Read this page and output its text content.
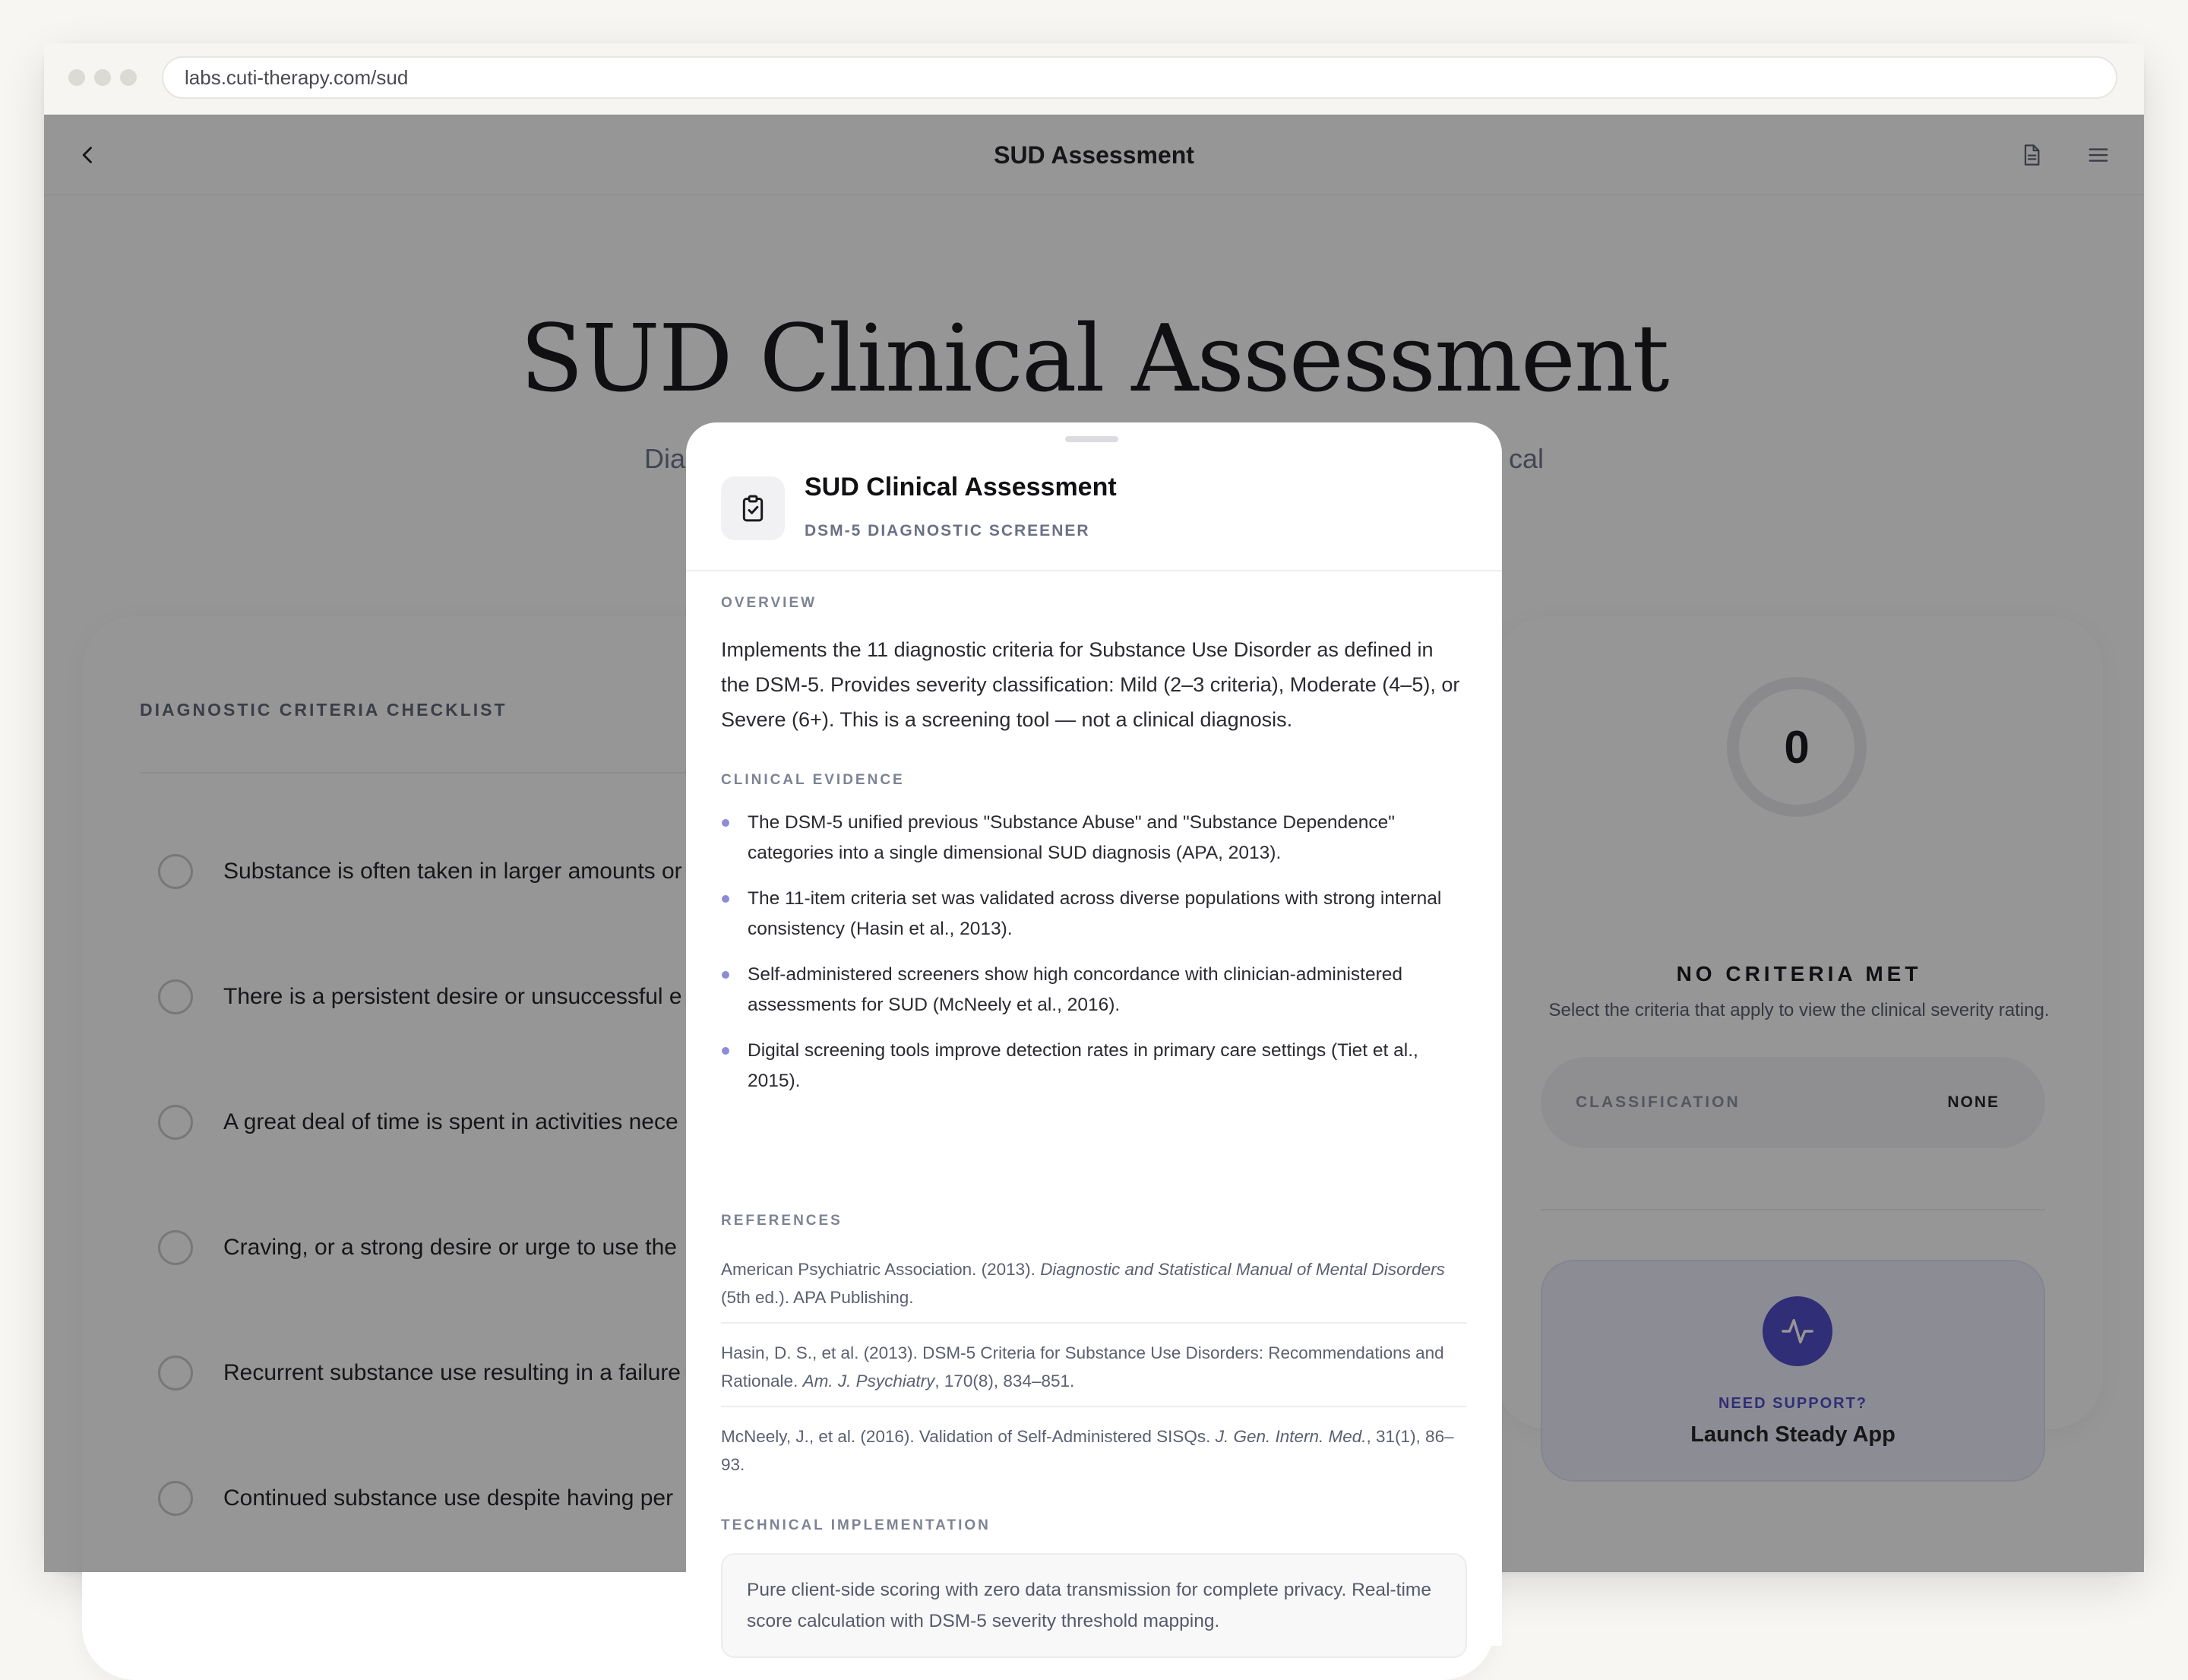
labs.cuti-therapy.com/sud
SUD Assessment
SUD Clinical Assessment
Dia	cal
DIAGNOSTIC CRITERIA CHECKLIST
Substance is often taken in larger amounts or
There is a persistent desire or unsuccessful e
A great deal of time is spent in activities nece
Craving, or a strong desire or urge to use the
Recurrent substance use resulting in a failure
Continued substance use despite having per
0
NO CRITERIA MET
Select the criteria that apply to view the clinical severity rating.
CLASSIFICATION	NONE
NEED SUPPORT?
Launch Steady App
SUD Clinical Assessment
DSM-5 DIAGNOSTIC SCREENER
OVERVIEW
Implements the 11 diagnostic criteria for Substance Use Disorder as defined in the DSM-5. Provides severity classification: Mild (2–3 criteria), Moderate (4–5), or Severe (6+). This is a screening tool — not a clinical diagnosis.
CLINICAL EVIDENCE
The DSM-5 unified previous "Substance Abuse" and "Substance Dependence" categories into a single dimensional SUD diagnosis (APA, 2013).
The 11-item criteria set was validated across diverse populations with strong internal consistency (Hasin et al., 2013).
Self-administered screeners show high concordance with clinician-administered assessments for SUD (McNeely et al., 2016).
Digital screening tools improve detection rates in primary care settings (Tiet et al., 2015).
REFERENCES
American Psychiatric Association. (2013). Diagnostic and Statistical Manual of Mental Disorders (5th ed.). APA Publishing.
Hasin, D. S., et al. (2013). DSM-5 Criteria for Substance Use Disorders: Recommendations and Rationale. Am. J. Psychiatry, 170(8), 834–851.
McNeely, J., et al. (2016). Validation of Self-Administered SISQs. J. Gen. Intern. Med., 31(1), 86–93.
TECHNICAL IMPLEMENTATION
Pure client-side scoring with zero data transmission for complete privacy. Real-time score calculation with DSM-5 severity threshold mapping.
